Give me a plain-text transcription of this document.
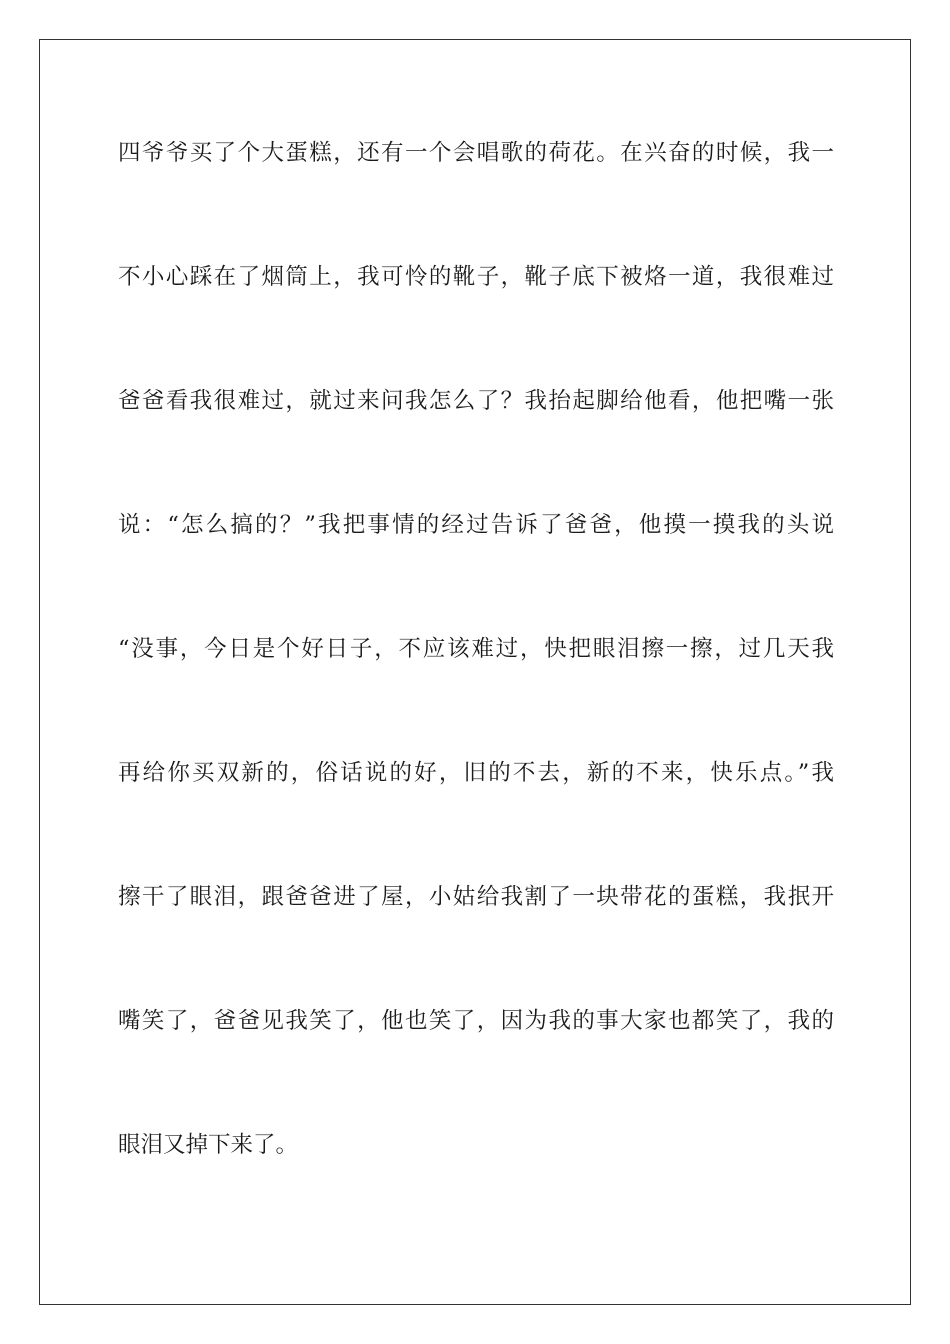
四爷爷买了个大蛋糕，还有一个会唱歌的荷花。在兴奋的时候，我一
不小心踩在了烟筒上，我可怜的靴子，靴子底下被烙一道，我很难过
爸爸看我很难过，就过来问我怎么了？我抬起脚给他看，他把嘴一张
说：“怎么搞的？”我把事情的经过告诉了爸爸，他摸一摸我的头说
“没事，今日是个好日子，不应该难过，快把眼泪擦一擦，过几天我
再给你买双新的，俗话说的好，旧的不去，新的不来，快乐点。”我
擦干了眼泪，跟爸爸进了屋，小姑给我割了一块带花的蛋糕，我抿开
嘴笑了，爸爸见我笑了，他也笑了，因为我的事大家也都笑了，我的
眼泪又掉下来了。
